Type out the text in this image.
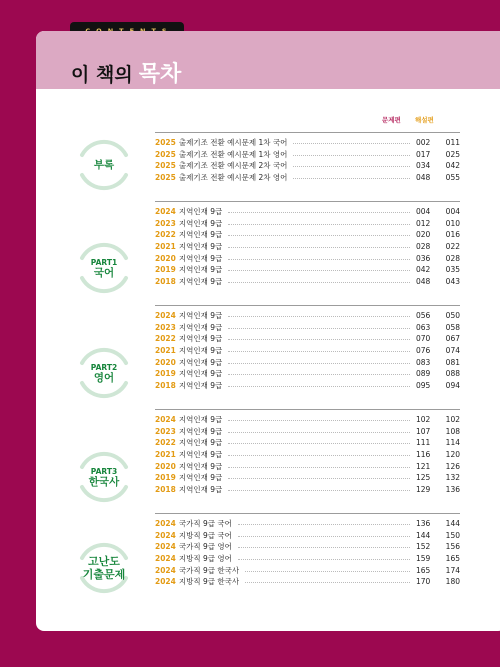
이 책의 목차
문제편 해설편
부록
2025 출제기조 전환 예시문제 1차 국어	002	011
2025 출제기조 전환 예시문제 1차 영어	017	025
2025 출제기조 전환 예시문제 2차 국어	034	042
2025 출제기조 전환 예시문제 2차 영어	048	055
PART1
국어
2024 지역인재 9급	004	004
2023 지역인재 9급	012	010
2022 지역인재 9급	020	016
2021 지역인재 9급	028	022
2020 지역인재 9급	036	028
2019 지역인재 9급	042	035
2018 지역인재 9급	048	043
PART2
영어
2024 지역인재 9급	056	050
2023 지역인재 9급	063	058
2022 지역인재 9급	070	067
2021 지역인재 9급	076	074
2020 지역인재 9급	083	081
2019 지역인재 9급	089	088
2018 지역인재 9급	095	094
PART3
한국사
2024 지역인재 9급	102	102
2023 지역인재 9급	107	108
2022 지역인재 9급	111	114
2021 지역인재 9급	116	120
2020 지역인재 9급	121	126
2019 지역인재 9급	125	132
2018 지역인재 9급	129	136
고난도
기출문제
2024 국가직 9급 국어	136	144
2024 지방직 9급 국어	144	150
2024 국가직 9급 영어	152	156
2024 지방직 9급 영어	159	165
2024 국가직 9급 한국사	165	174
2024 지방직 9급 한국사	170	180
